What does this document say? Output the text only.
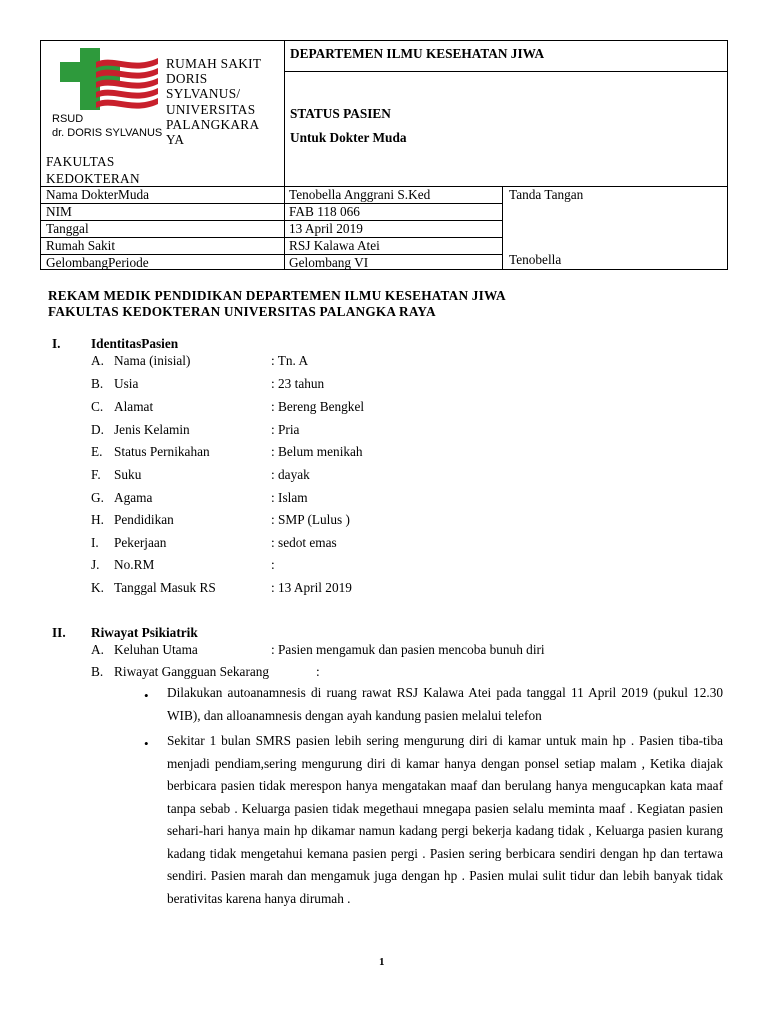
RSUD
dr. DORIS SYLVANUS
RUMAH SAKIT
DORIS
SYLVANUS/
UNIVERSITAS
PALANGKARA
YA
FAKULTAS
KEDOKTERAN
DEPARTEMEN ILMU KESEHATAN JIWA
STATUS PASIEN
Untuk Dokter Muda
Nama DokterMuda	Tenobella Anggrani S.Ked
NIM	FAB 118 066
Tanggal	13 April 2019
Rumah Sakit	RSJ Kalawa Atei
GelombangPeriode	Gelombang VI
Tanda Tangan
Tenobella
REKAM MEDIK PENDIDIKAN DEPARTEMEN ILMU KESEHATAN JIWA
FAKULTAS KEDOKTERAN UNIVERSITAS PALANGKA RAYA
I. IdentitasPasien
A. Nama (inisial)	: Tn. A
B. Usia	: 23 tahun
C. Alamat	: Bereng Bengkel
D. Jenis Kelamin	: Pria
E. Status Pernikahan	: Belum menikah
F.	Suku	: dayak
G. Agama	: Islam
H. Pendidikan	: SMP (Lulus )
I.	Pekerjaan	: sedot emas
J.	No.RM	:
K. Tanggal Masuk RS	: 13 April 2019
II. Riwayat Psikiatrik
A. Keluhan Utama	: Pasien mengamuk dan pasien mencoba bunuh diri
B. Riwayat Gangguan Sekarang	:
• Dilakukan autoanamnesis di ruang rawat RSJ Kalawa Atei pada tanggal 11 April 2019 (pukul 12.30 WIB), dan alloanamnesis dengan ayah kandung pasien melalui telefon
• Sekitar 1 bulan SMRS pasien lebih sering mengurung diri di kamar untuk main hp . Pasien tiba-tiba menjadi pendiam,sering mengurung diri di kamar hanya dengan ponsel setiap malam , Ketika diajak berbicara pasien tidak merespon hanya mengatakan maaf dan berulang hanya mengucapkan kata maaf tanpa sebab . Keluarga pasien tidak megethaui mnegapa pasien selalu meminta maaf . Kegiatan pasien sehari-hari hanya main hp dikamar namun kadang pergi bekerja kadang tidak , Keluarga pasien kurang kadang tidak mengetahui kemana pasien pergi . Pasien sering berbicara sendiri dengan hp dan tertawa sendiri. Pasien marah dan mengamuk juga dengan hp . Pasien mulai sulit tidur dan lebih banyak tidak berativitas karena hanya dirumah .
1
